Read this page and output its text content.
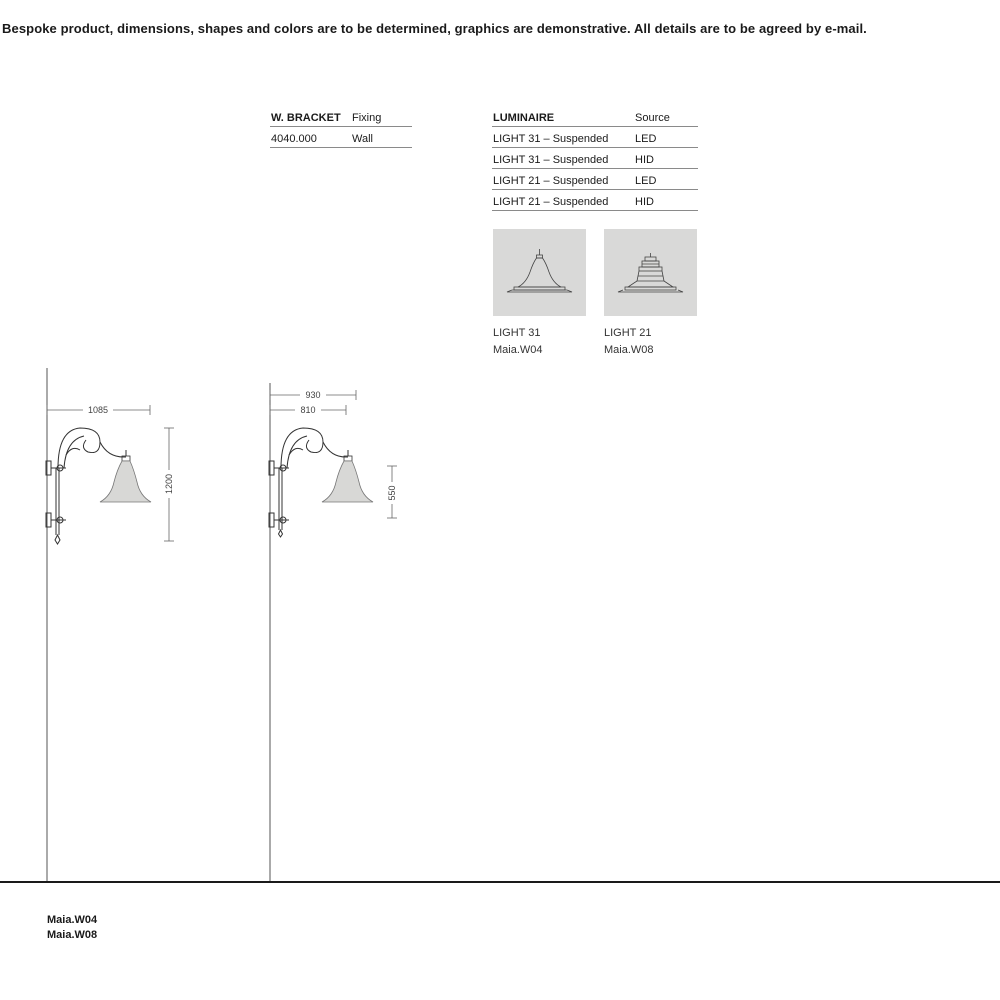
Bespoke product, dimensions, shapes and colors are to be determined, graphics are demonstrative. All details are to be agreed by e-mail.
W. BRACKET	Fixing
4040.000	Wall
LUMINAIRE	Source
LIGHT 31 – Suspended	LED
LIGHT 31 – Suspended	HID
LIGHT 21 – Suspended	LED
LIGHT 21 – Suspended	HID
LIGHT 31
Maia.W04
LIGHT 21
Maia.W08
1085
1200
930
810
550
Maia.W04
Maia.W08
